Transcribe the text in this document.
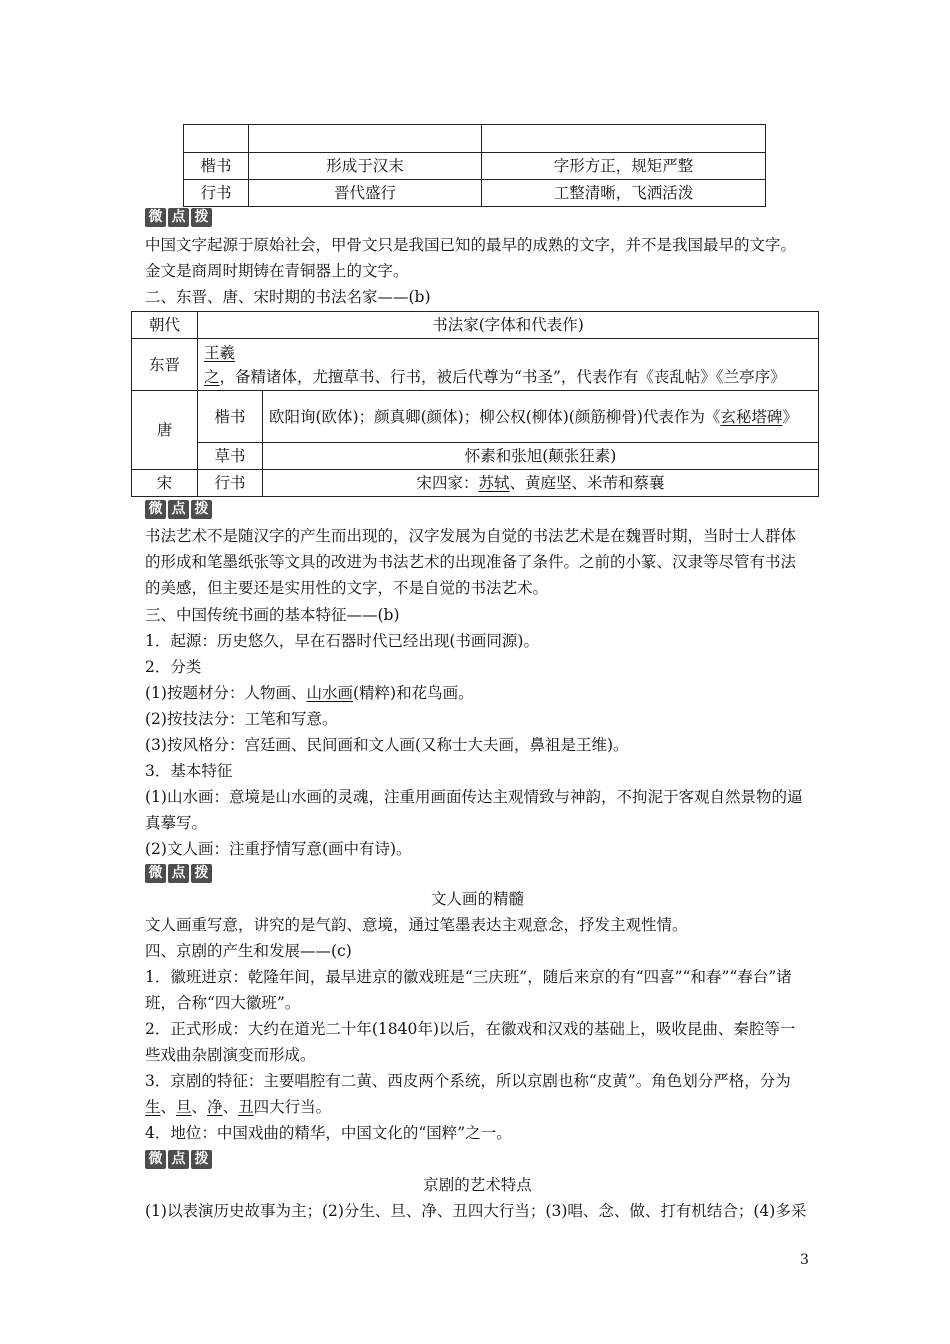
楷书	形成于汉末	字形方正，规矩严整
行书	晋代盛行	工整清晰，飞洒活泼
微 点 拨
中国文字起源于原始社会，甲骨文只是我国已知的最早的成熟的文字，并不是我国最早的文字。金文是商周时期铸在青铜器上的文字。
二、东晋、唐、宋时期的书法名家——(b)
朝代	书法家(字体和代表作)	
东晋	王羲之，备精诸体，尤擅草书、行书，被后代尊为“书圣”，代表作有《丧乱帖》《兰亭序》	
唐	楷书	欧阳询(欧体)；颜真卿(颜体)；柳公权(柳体)(颜筋柳骨)代表作为《玄秘塔碑》
	草书	怀素和张旭(颠张狂素)
宋	行书	宋四家：苏轼、黄庭坚、米芾和蔡襄
微 点 拨
书法艺术不是随汉字的产生而出现的，汉字发展为自觉的书法艺术是在魏晋时期，当时士人群体的形成和笔墨纸张等文具的改进为书法艺术的出现准备了条件。之前的小篆、汉隶等尽管有书法的美感，但主要还是实用性的文字，不是自觉的书法艺术。
三、中国传统书画的基本特征——(b)
1．起源：历史悠久，早在石器时代已经出现(书画同源)。
2．分类
(1)按题材分：人物画、山水画(精粹)和花鸟画。
(2)按技法分：工笔和写意。
(3)按风格分：宫廷画、民间画和文人画(又称士大夫画，鼻祖是王维)。
3．基本特征
(1)山水画：意境是山水画的灵魂，注重用画面传达主观情致与神韵，不拘泥于客观自然景物的逼真摹写。
(2)文人画：注重抒情写意(画中有诗)。
微 点 拨
文人画的精髓
文人画重写意，讲究的是气韵、意境，通过笔墨表达主观意念，抒发主观性情。
四、京剧的产生和发展——(c)
1．徽班进京：乾隆年间，最早进京的徽戏班是“三庆班”，随后来京的有“四喜”“和春”“春台”诸班，合称“四大徽班”。
2．正式形成：大约在道光二十年(1840年)以后，在徽戏和汉戏的基础上，吸收昆曲、秦腔等一些戏曲杂剧演变而形成。
3．京剧的特征：主要唱腔有二黄、西皮两个系统，所以京剧也称“皮黄”。角色划分严格，分为生、旦、净、丑四大行当。
4．地位：中国戏曲的精华，中国文化的“国粹”之一。
微 点 拨
京剧的艺术特点
(1)以表演历史故事为主；(2)分生、旦、净、丑四大行当；(3)唱、念、做、打有机结合；(4)多采
3
